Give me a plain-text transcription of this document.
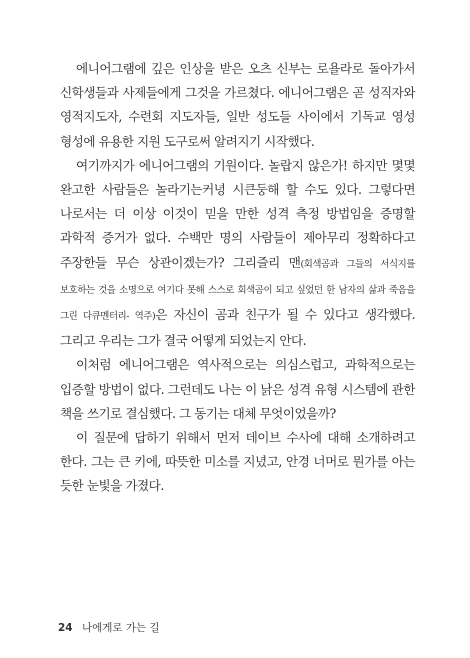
에니어그램에 깊은 인상을 받은 오츠 신부는 로욜라로 돌아가서 신학생들과 사제들에게 그것을 가르쳤다. 에니어그램은 곧 성직자와 영적지도자, 수련회 지도자들, 일반 성도들 사이에서 기독교 영성 형성에 유용한 지원 도구로써 알려지기 시작했다.

여기까지가 에니어그램의 기원이다. 놀랍지 않은가! 하지만 몇몇 완고한 사람들은 놀라기는커녕 시큰둥해 할 수도 있다. 그렇다면 나로서는 더 이상 이것이 믿을 만한 성격 측정 방법임을 증명할 과학적 증거가 없다. 수백만 명의 사람들이 제아무리 정확하다고 주장한들 무슨 상관이겠는가? 그리즐리 맨(회색곰과 그들의 서식지를 보호하는 것을 소명으로 여기다 못해 스스로 회색곰이 되고 싶었던 한 남자의 삶과 죽음을 그린 다큐멘터리- 역주)은 자신이 곰과 친구가 될 수 있다고 생각했다. 그리고 우리는 그가 결국 어떻게 되었는지 안다.

이처럼 에니어그램은 역사적으로는 의심스럽고, 과학적으로는 입증할 방법이 없다. 그런데도 나는 이 낡은 성격 유형 시스템에 관한 책을 쓰기로 결심했다. 그 동기는 대체 무엇이었을까?

이 질문에 답하기 위해서 먼저 데이브 수사에 대해 소개하려고 한다. 그는 큰 키에, 따뜻한 미소를 지녔고, 안경 너머로 뭔가를 아는 듯한 눈빛을 가졌다.

24 나에게로 가는 길
